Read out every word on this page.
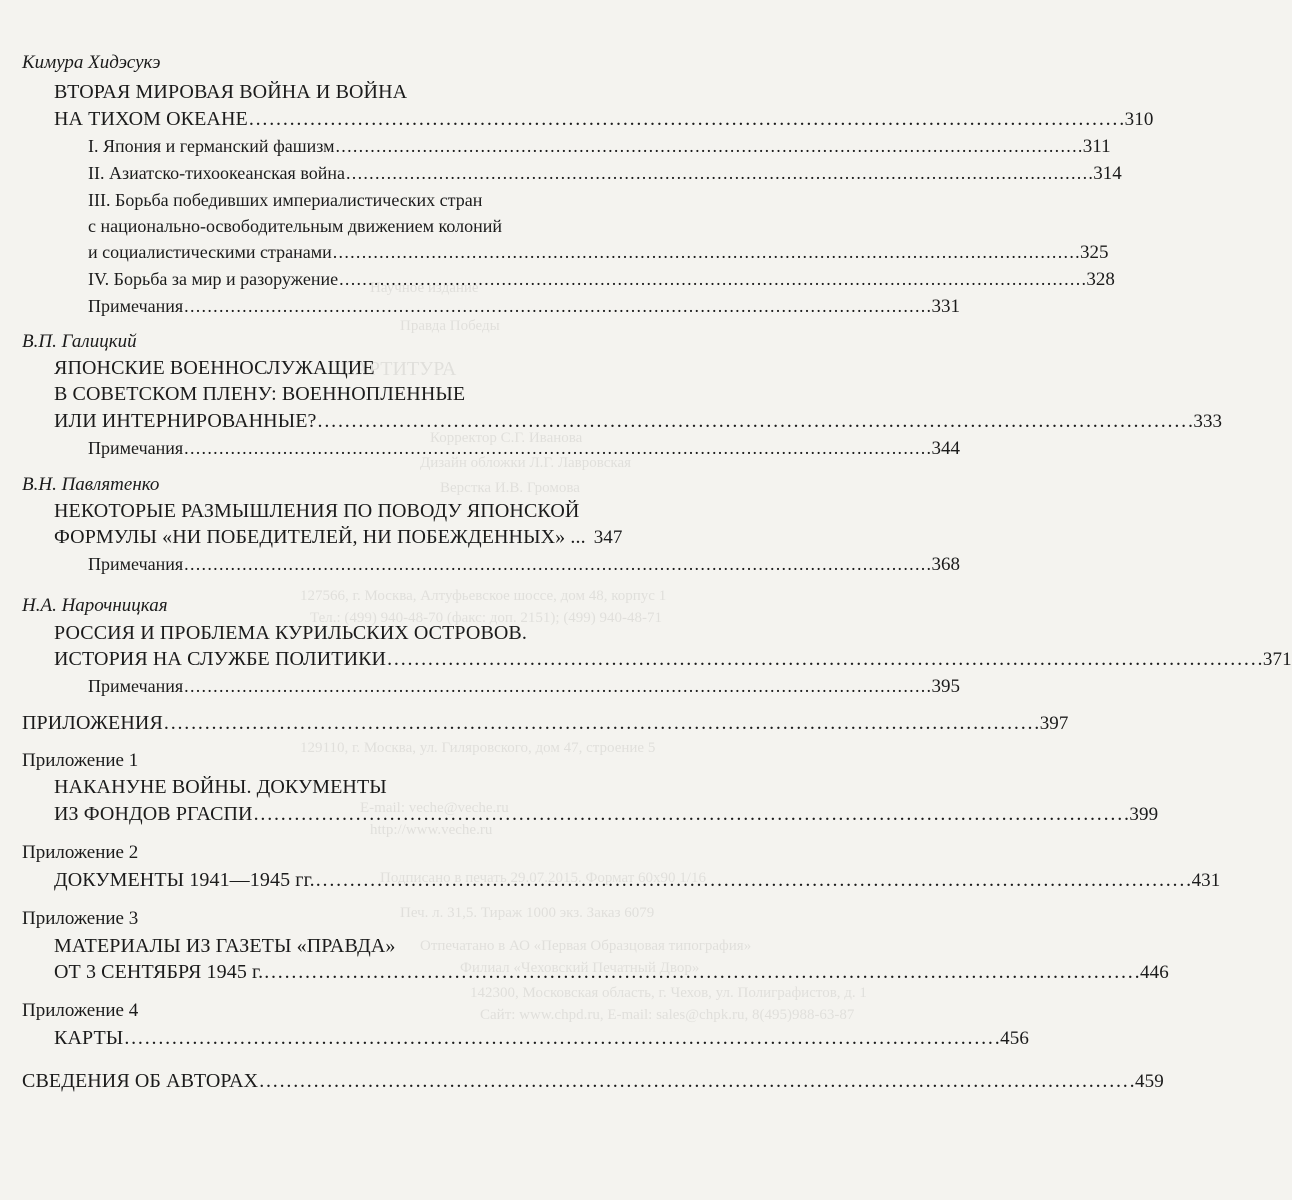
Научное издание
Правда Победы
ПАРТИТУРА
Корректор С.Г. Иванова
Дизайн обложки Л.Г. Лавровская
Верстка И.В. Громова
127566, г. Москва, Алтуфьевское шоссе, дом 48, корпус 1
Тел.: (499) 940-48-70 (факс: доп. 2151); (499) 940-48-71
129110, г. Москва, ул. Гиляровского, дом 47, строение 5
E-mail: veche@veche.ru
http://www.veche.ru
Подписано в печать 29.07.2015. Формат 60x90 1/16
Печ. л. 31,5. Тираж 1000 экз. Заказ 6079
Отпечатано в АО «Первая Образцовая типография»
Филиал «Чеховский Печатный Двор»
142300, Московская область, г. Чехов, ул. Полиграфистов, д. 1
Сайт: www.chpd.ru, E-mail: sales@chpk.ru, 8(495)988-63-87
Кимура Хидэсукэ
ВТОРАЯ МИРОВАЯ ВОЙНА И ВОЙНА
НА ТИХОМ ОКЕАНЕ . . .	310
I. Япония и германский фашизм . . .	311
II. Азиатско-тихоокеанская война . . .	314
III. Борьба победивших империалистических стран
с национально-освободительным движением колоний
и социалистическими странами . . .	325
IV. Борьба за мир и разоружение . . .	328
Примечания . . .	331
В.П. Галицкий
ЯПОНСКИЕ ВОЕННОСЛУЖАЩИЕ
В СОВЕТСКОМ ПЛЕНУ: ВОЕННОПЛЕННЫЕ
ИЛИ ИНТЕРНИРОВАННЫЕ? . . .	333
Примечания . . .	344
В.Н. Павлятенко
НЕКОТОРЫЕ РАЗМЫШЛЕНИЯ ПО ПОВОДУ ЯПОНСКОЙ
ФОРМУЛЫ «НИ ПОБЕДИТЕЛЕЙ, НИ ПОБЕЖДЕННЫХ» ... 347
Примечания . . .	368
Н.А. Нарочницкая
РОССИЯ И ПРОБЛЕМА КУРИЛЬСКИХ ОСТРОВОВ.
ИСТОРИЯ НА СЛУЖБЕ ПОЛИТИКИ . . .	371
Примечания . . .	395
ПРИЛОЖЕНИЯ . . .	397
Приложение 1
НАКАНУНЕ ВОЙНЫ. ДОКУМЕНТЫ
ИЗ ФОНДОВ РГАСПИ . . .	399
Приложение 2
ДОКУМЕНТЫ 1941—1945 гг. . . .	431
Приложение 3
МАТЕРИАЛЫ ИЗ ГАЗЕТЫ «ПРАВДА»
ОТ 3 СЕНТЯБРЯ 1945 г. . . .	446
Приложение 4
КАРТЫ . . .	456
СВЕДЕНИЯ ОБ АВТОРАХ . . .	459
